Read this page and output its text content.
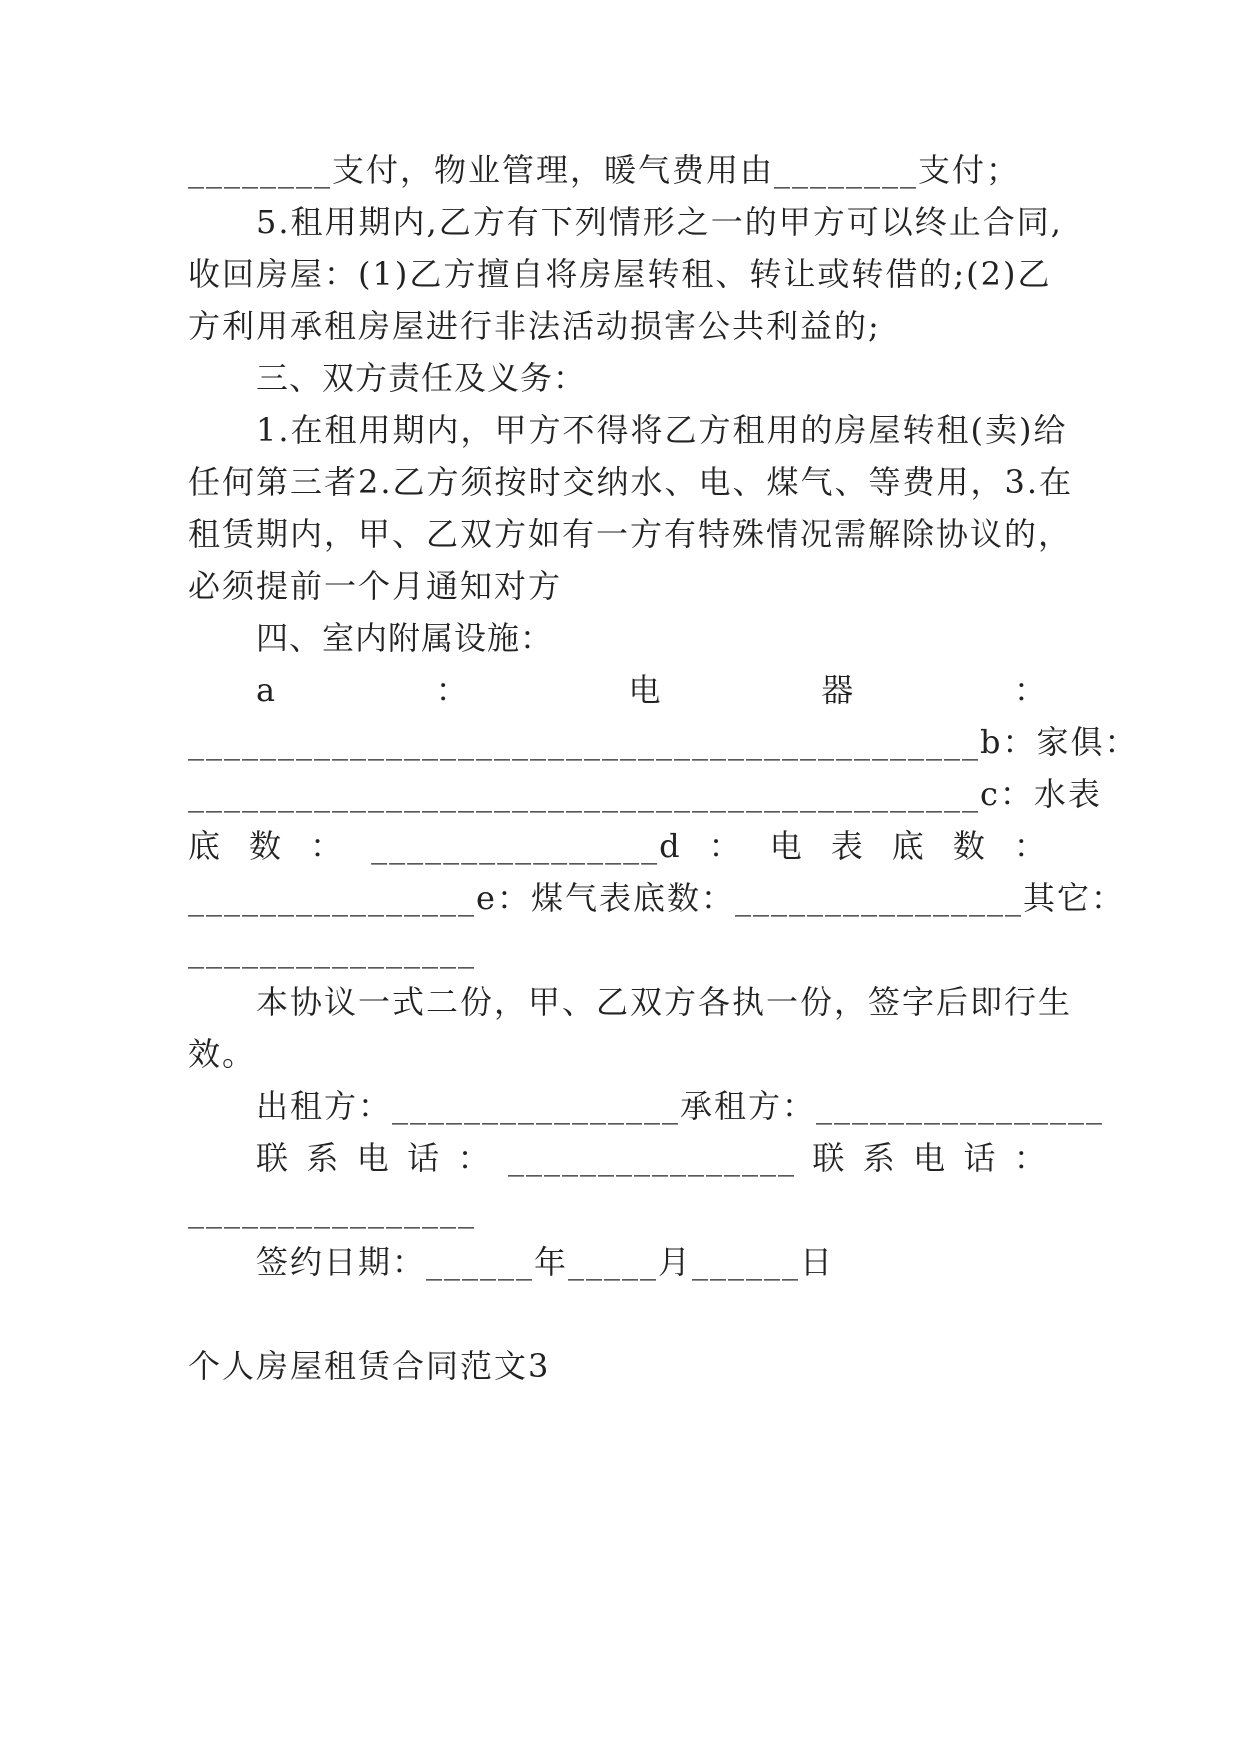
________支付，物业管理，暖气费用由________支付；
5.租用期内,乙方有下列情形之一的甲方可以终止合同,
收回房屋：(1)乙方擅自将房屋转租、转让或转借的;(2)乙
方利用承租房屋进行非法活动损害公共利益的;
三、双方责任及义务：
1.在租用期内，甲方不得将乙方租用的房屋转租(卖)给
任何第三者2.乙方须按时交纳水、电、煤气、等费用，3.在
租赁期内，甲、乙双方如有一方有特殊情况需解除协议的，
必须提前一个月通知对方
四、室内附属设施：
a	：	电	器	：
____________________________________________b：家俱：
____________________________________________c：水表
底 数 ： ________________d ： 电 表 底 数 ：
________________e：煤气表底数：________________其它：
________________
本协议一式二份，甲、乙双方各执一份，签字后即行生
效。
出租方：________________承租方：________________
联 系 电 话 ： ________________ 联 系 电 话 ：
________________
签约日期：______年_____月______日
个人房屋租赁合同范文3
